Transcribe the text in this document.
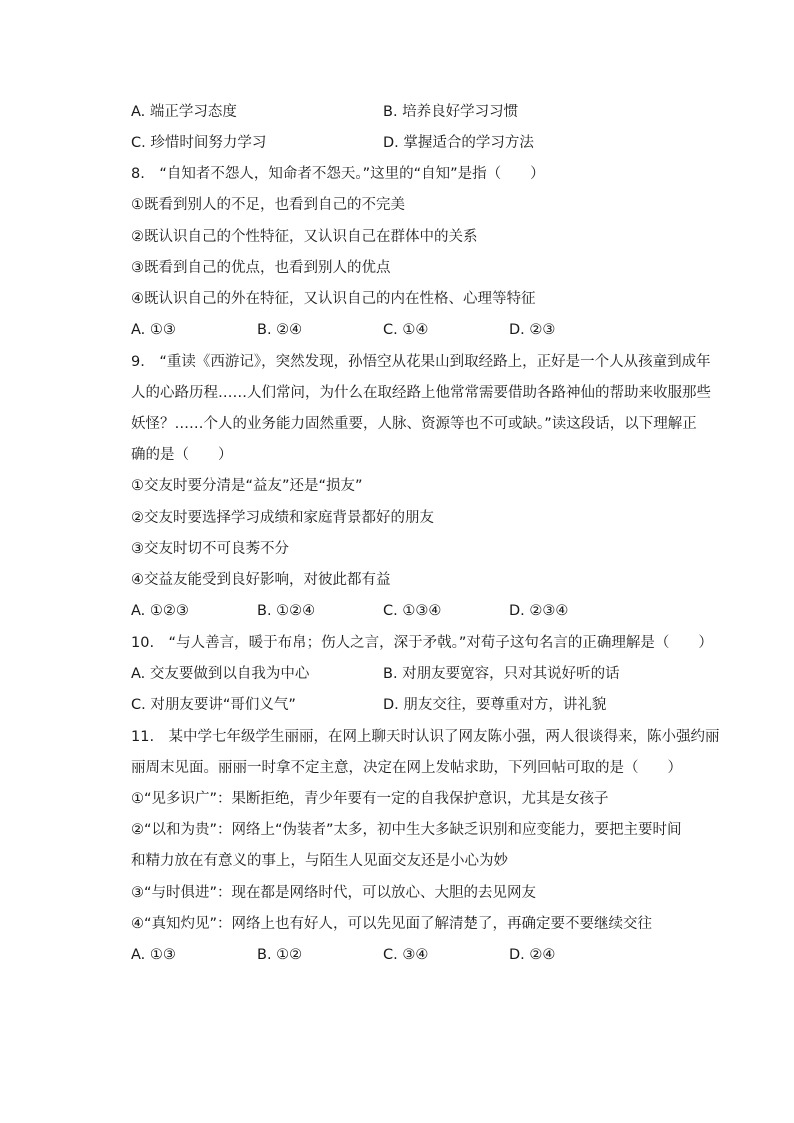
A. 端正学习态度	B. 培养良好学习习惯
C. 珍惜时间努力学习	D. 掌握适合的学习方法
8.　“自知者不怨人，知命者不怨天。”这里的“自知”是指（　　）
①既看到别人的不足，也看到自己的不完美
②既认识自己的个性特征，又认识自己在群体中的关系
③既看到自己的优点，也看到别人的优点
④既认识自己的外在特征，又认识自己的内在性格、心理等特征
A. ①③	B. ②④	C. ①④	D. ②③
9.　“重读《西游记》，突然发现，孙悟空从花果山到取经路上，正好是一个人从孩童到成年
人的心路历程……人们常问，为什么在取经路上他常常需要借助各路神仙的帮助来收服那些
妖怪？……个人的业务能力固然重要，人脉、资源等也不可或缺。”读这段话，以下理解正
确的是（　　）
①交友时要分清是“益友”还是“损友”
②交友时要选择学习成绩和家庭背景都好的朋友
③交友时切不可良莠不分
④交益友能受到良好影响，对彼此都有益
A. ①②③	B. ①②④	C. ①③④	D. ②③④
10.　“与人善言，暖于布帛；伤人之言，深于矛戟。”对荀子这句名言的正确理解是（　　）
A. 交友要做到以自我为中心	B. 对朋友要宽容，只对其说好听的话
C. 对朋友要讲“哥们义气”	D. 朋友交往，要尊重对方，讲礼貌
11.　某中学七年级学生丽丽，在网上聊天时认识了网友陈小强，两人很谈得来，陈小强约丽
丽周末见面。丽丽一时拿不定主意，决定在网上发帖求助，下列回帖可取的是（　　）
①“见多识广”：果断拒绝，青少年要有一定的自我保护意识，尤其是女孩子
②“以和为贵”：网络上“伪装者”太多，初中生大多缺乏识别和应变能力，要把主要时间
和精力放在有意义的事上，与陌生人见面交友还是小心为妙
③“与时俱进”：现在都是网络时代，可以放心、大胆的去见网友
④“真知灼见”：网络上也有好人，可以先见面了解清楚了，再确定要不要继续交往
A. ①③	B. ①②	C. ③④	D. ②④
